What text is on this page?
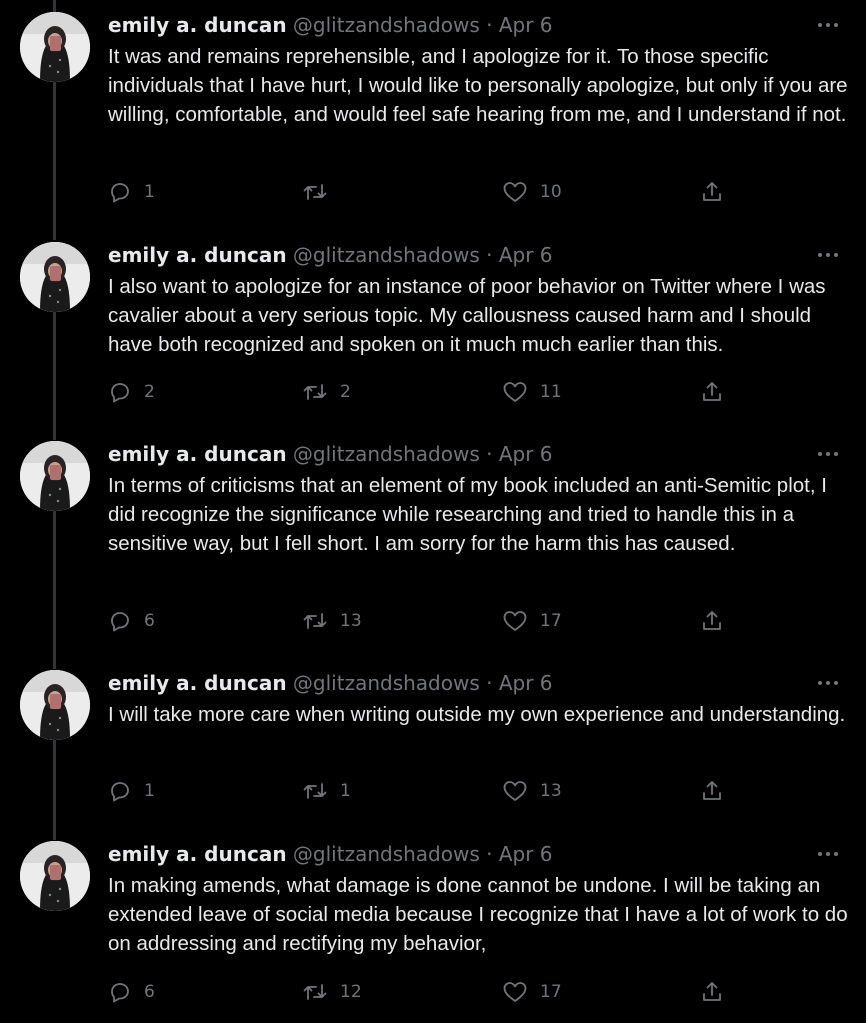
emily a. duncan @glitzandshadows · Apr 6
It was and remains reprehensible, and I apologize for it. To those specific individuals that I have hurt, I would like to personally apologize, but only if you are willing, comfortable, and would feel safe hearing from me, and I understand if not.
1	10
emily a. duncan @glitzandshadows · Apr 6
I also want to apologize for an instance of poor behavior on Twitter where I was cavalier about a very serious topic. My callousness caused harm and I should have both recognized and spoken on it much much earlier than this.
2	2	11
emily a. duncan @glitzandshadows · Apr 6
In terms of criticisms that an element of my book included an anti-Semitic plot, I did recognize the significance while researching and tried to handle this in a sensitive way, but I fell short. I am sorry for the harm this has caused.
6	13	17
emily a. duncan @glitzandshadows · Apr 6
I will take more care when writing outside my own experience and understanding.
1	1	13
emily a. duncan @glitzandshadows · Apr 6
In making amends, what damage is done cannot be undone. I will be taking an extended leave of social media because I recognize that I have a lot of work to do on addressing and rectifying my behavior,
6	12	17
